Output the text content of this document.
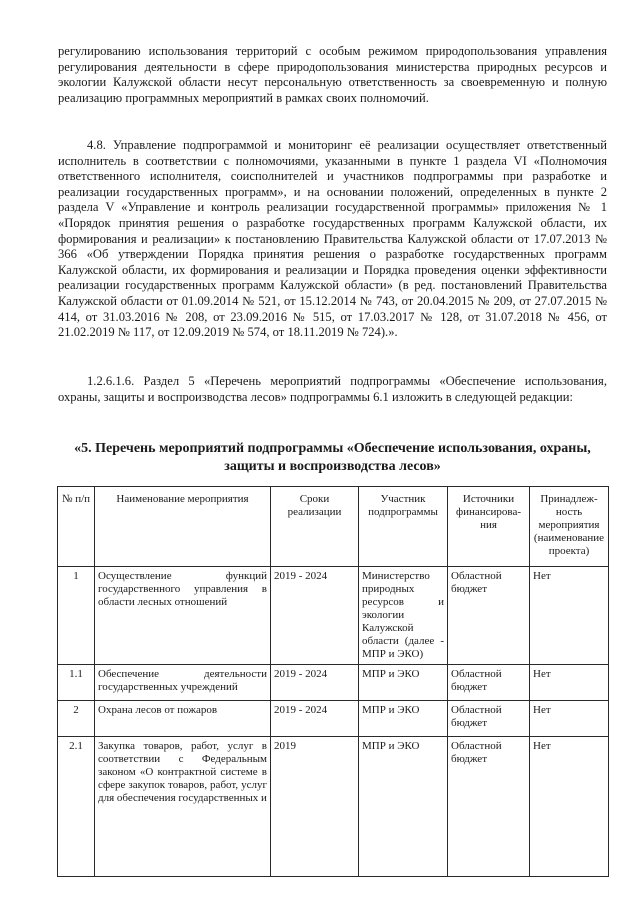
регулированию использования территорий с особым режимом природопользования управления регулирования деятельности в сфере природопользования министерства природных ресурсов и экологии Калужской области несут персональную ответственность за своевременную и полную реализацию программных мероприятий в рамках своих полномочий.

4.8. Управление подпрограммой и мониторинг её реализации осуществляет ответственный исполнитель в соответствии с полномочиями, указанными в пункте 1 раздела VI «Полномочия ответственного исполнителя, соисполнителей и участников подпрограммы при разработке и реализации государственных программ», и на основании положений, определенных в пункте 2 раздела V «Управление и контроль реализации государственной программы» приложения № 1 «Порядок принятия решения о разработке государственных программ Калужской области, их формирования и реализации» к постановлению Правительства Калужской области от 17.07.2013 № 366 «Об утверждении Порядка принятия решения о разработке государственных программ Калужской области, их формирования и реализации и Порядка проведения оценки эффективности реализации государственных программ Калужской области» (в ред. постановлений Правительства Калужской области от 01.09.2014 № 521, от 15.12.2014 № 743, от 20.04.2015 № 209, от 27.07.2015 № 414, от 31.03.2016 № 208, от 23.09.2016 № 515, от 17.03.2017 № 128, от 31.07.2018 № 456, от 21.02.2019 № 117, от 12.09.2019 № 574, от 18.11.2019 № 724).».

1.2.6.1.6. Раздел 5 «Перечень мероприятий подпрограммы «Обеспечение использования, охраны, защиты и воспроизводства лесов» подпрограммы 6.1 изложить в следующей редакции:

«5. Перечень мероприятий подпрограммы «Обеспечение использования, охраны, защиты и воспроизводства лесов»
№ п/п	Наименование мероприятия	Сроки реализации	Участник подпрограммы	Источники финансирова- ния	Принадлеж- ность мероприятия (наименование проекта)
1	Осуществление функций государственного управления в области лесных отношений	2019 - 2024	Министерство природных ресурсов и экологии Калужской области (далее - МПР и ЭКО)	Областной бюджет	Нет
1.1	Обеспечение деятельности государственных учреждений	2019 - 2024	МПР и ЭКО	Областной бюджет	Нет
2	Охрана лесов от пожаров	2019 - 2024	МПР и ЭКО	Областной бюджет	Нет
2.1	Закупка товаров, работ, услуг в соответствии с Федеральным законом «О контрактной системе в сфере закупок товаров, работ, услуг для обеспечения государственных и	2019	МПР и ЭКО	Областной бюджет	Нет
